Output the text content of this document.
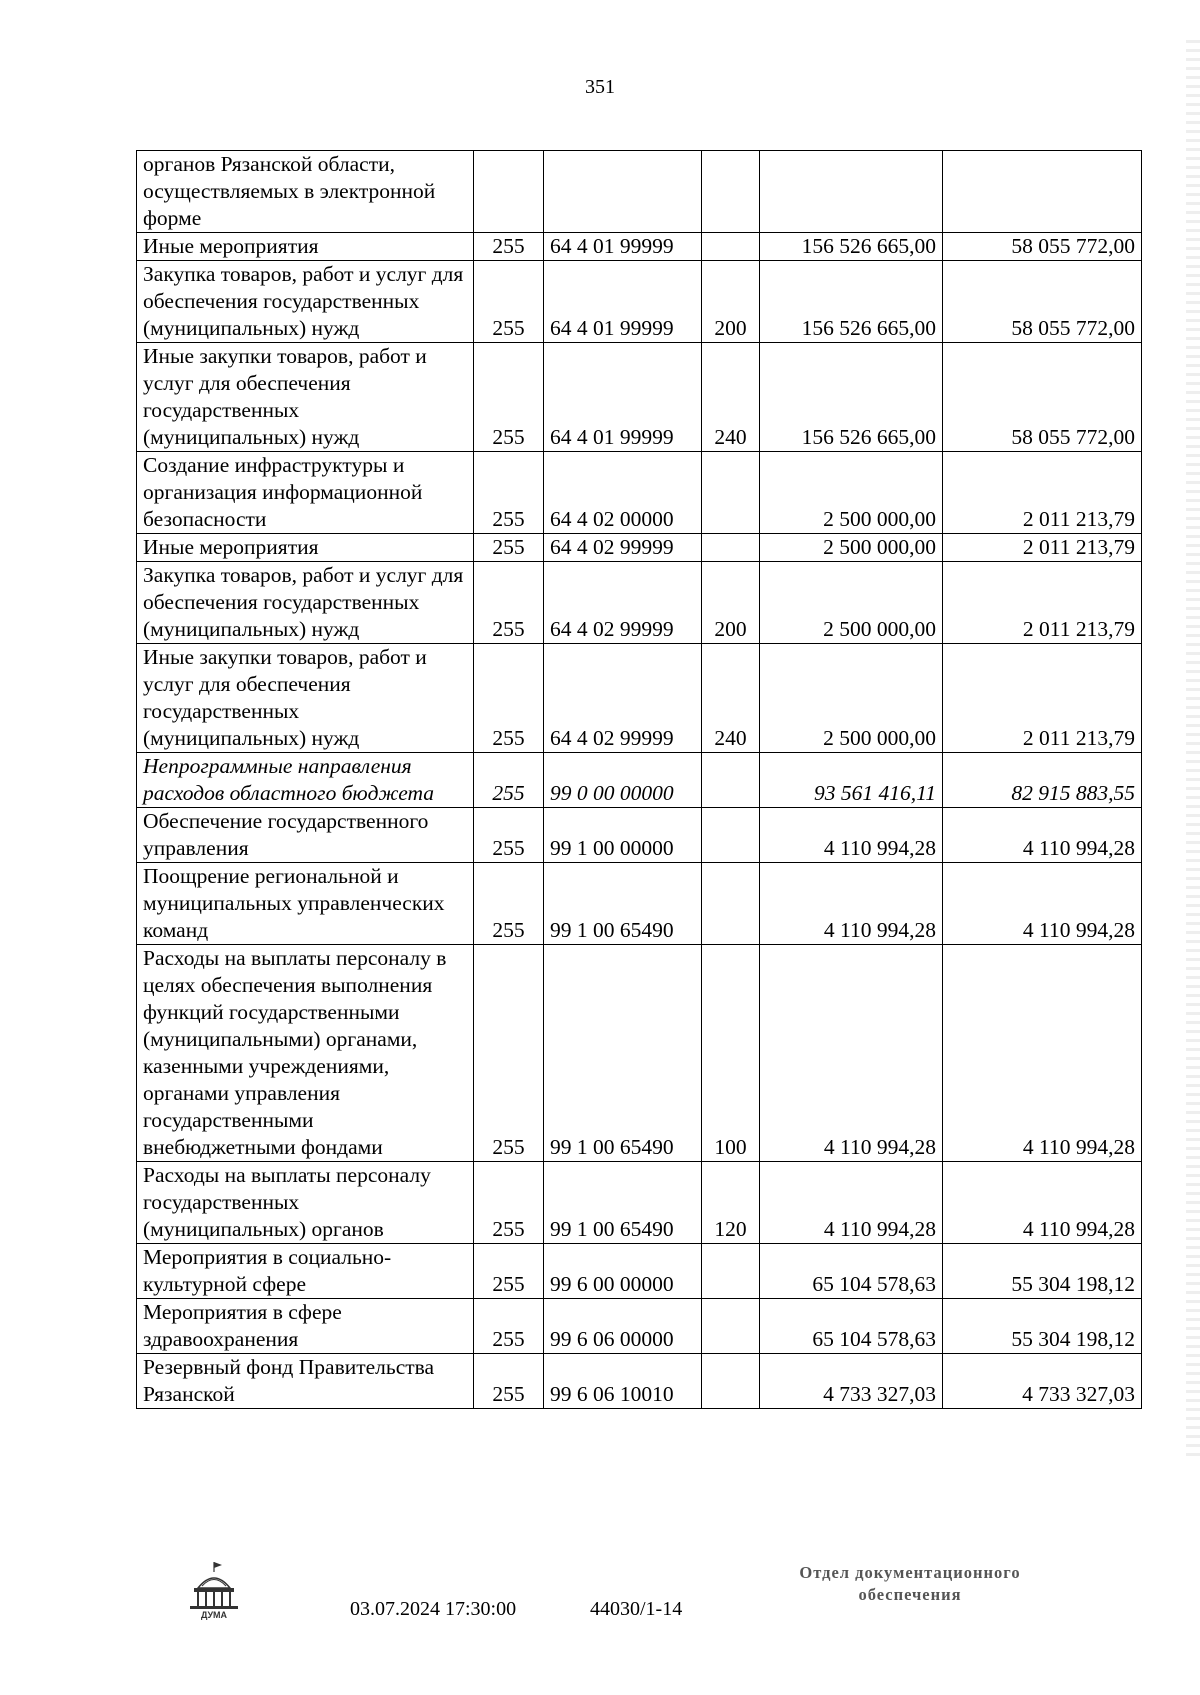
351
органов Рязанской области, осуществляемых в электронной форме					
Иные мероприятия	255	64 4 01 99999		156 526 665,00	58 055 772,00
Закупка товаров, работ и услуг для обеспечения государственных (муниципальных) нужд	255	64 4 01 99999	200	156 526 665,00	58 055 772,00
Иные закупки товаров, работ и услуг для обеспечения государственных (муниципальных) нужд	255	64 4 01 99999	240	156 526 665,00	58 055 772,00
Создание инфраструктуры и организация информационной безопасности	255	64 4 02 00000		2 500 000,00	2 011 213,79
Иные мероприятия	255	64 4 02 99999		2 500 000,00	2 011 213,79
Закупка товаров, работ и услуг для обеспечения государственных (муниципальных) нужд	255	64 4 02 99999	200	2 500 000,00	2 011 213,79
Иные закупки товаров, работ и услуг для обеспечения государственных (муниципальных) нужд	255	64 4 02 99999	240	2 500 000,00	2 011 213,79
Непрограммные направления расходов областного бюджета	255	99 0 00 00000		93 561 416,11	82 915 883,55
Обеспечение государственного управления	255	99 1 00 00000		4 110 994,28	4 110 994,28
Поощрение региональной и муниципальных управленческих команд	255	99 1 00 65490		4 110 994,28	4 110 994,28
Расходы на выплаты персоналу в целях обеспечения выполнения функций государственными (муниципальными) органами, казенными учреждениями, органами управления государственными внебюджетными фондами	255	99 1 00 65490	100	4 110 994,28	4 110 994,28
Расходы на выплаты персоналу государственных (муниципальных) органов	255	99 1 00 65490	120	4 110 994,28	4 110 994,28
Мероприятия в социально-культурной сфере	255	99 6 00 00000		65 104 578,63	55 304 198,12
Мероприятия в сфере здравоохранения	255	99 6 06 00000		65 104 578,63	55 304 198,12
Резервный фонд Правительства Рязанской	255	99 6 06 10010		4 733 327,03	4 733 327,03
ДУМА	03.07.2024 17:30:00	44030/1-14
Отдел документационного
обеспечения
